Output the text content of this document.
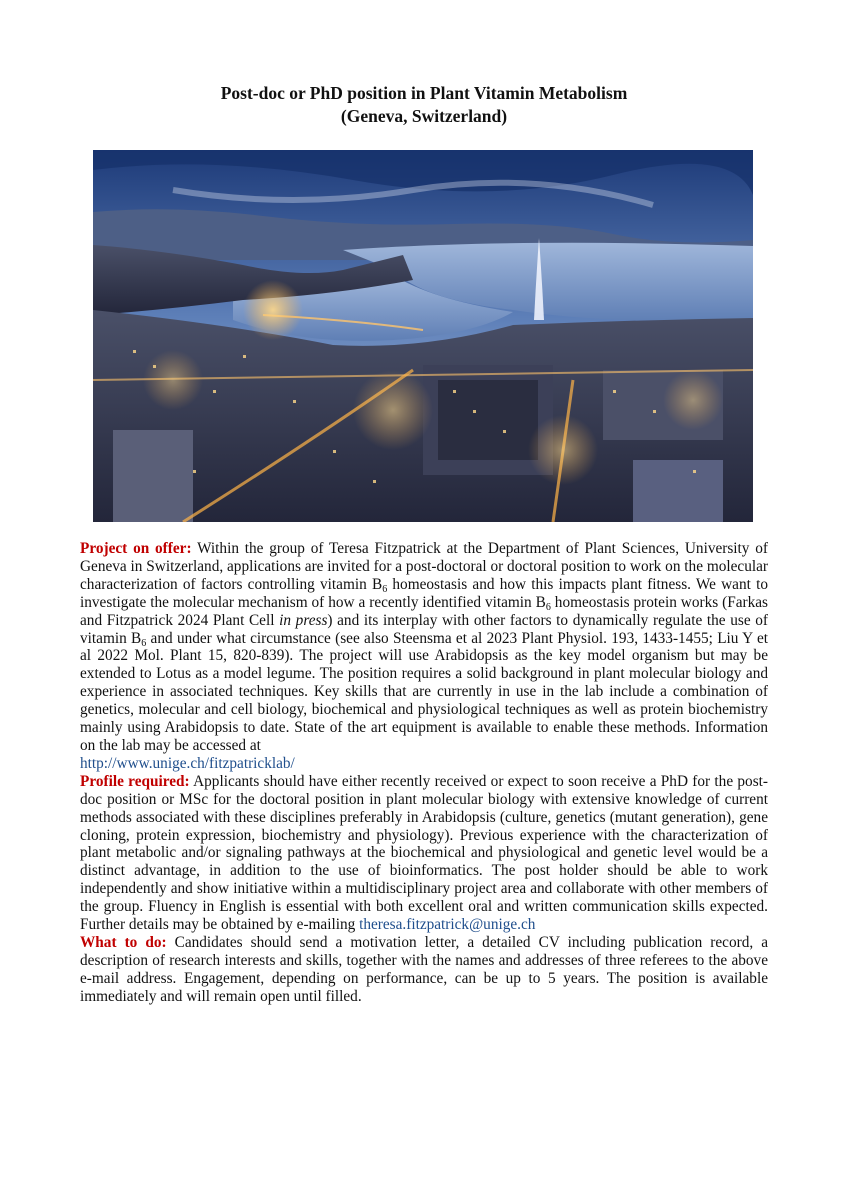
Post-doc or PhD position in Plant Vitamin Metabolism
(Geneva, Switzerland)

Project on offer: Within the group of Teresa Fitzpatrick at the Department of Plant Sciences, University of Geneva in Switzerland, applications are invited for a post-doctoral or doctoral position to work on the molecular characterization of factors controlling vitamin $B_6$ homeostasis and how this impacts plant fitness. We want to investigate the molecular mechanism of how a recently identified vitamin $B_6$ homeostasis protein works (Farkas and Fitzpatrick 2024 Plant Cell in press) and its interplay with other factors to dynamically regulate the use of vitamin $B_6$ and under what circumstance (see also Steensma et al 2023 Plant Physiol. 193, 1433-1455; Liu Y et al 2022 Mol. Plant 15, 820-839). The project will use Arabidopsis as the key model organism but may be extended to Lotus as a model legume. The position requires a solid background in plant molecular biology and experience in associated techniques. Key skills that are currently in use in the lab include a combination of genetics, molecular and cell biology, biochemical and physiological techniques as well as protein biochemistry mainly using Arabidopsis to date. State of the art equipment is available to enable these methods. Information on the lab may be accessed at
http://www.unige.ch/fitzpatricklab/

Profile required: Applicants should have either recently received or expect to soon receive a PhD for the post-doc position or MSc for the doctoral position in plant molecular biology with extensive knowledge of current methods associated with these disciplines preferably in Arabidopsis (culture, genetics (mutant generation), gene cloning, protein expression, biochemistry and physiology). Previous experience with the characterization of plant metabolic and/or signaling pathways at the biochemical and physiological and genetic level would be a distinct advantage, in addition to the use of bioinformatics. The post holder should be able to work independently and show initiative within a multidisciplinary project area and collaborate with other members of the group. Fluency in English is essential with both excellent oral and written communication skills expected. Further details may be obtained by e-mailing theresa.fitzpatrick@unige.ch

What to do: Candidates should send a motivation letter, a detailed CV including publication record, a description of research interests and skills, together with the names and addresses of three referees to the above e-mail address. Engagement, depending on performance, can be up to 5 years. The position is available immediately and will remain open until filled.
